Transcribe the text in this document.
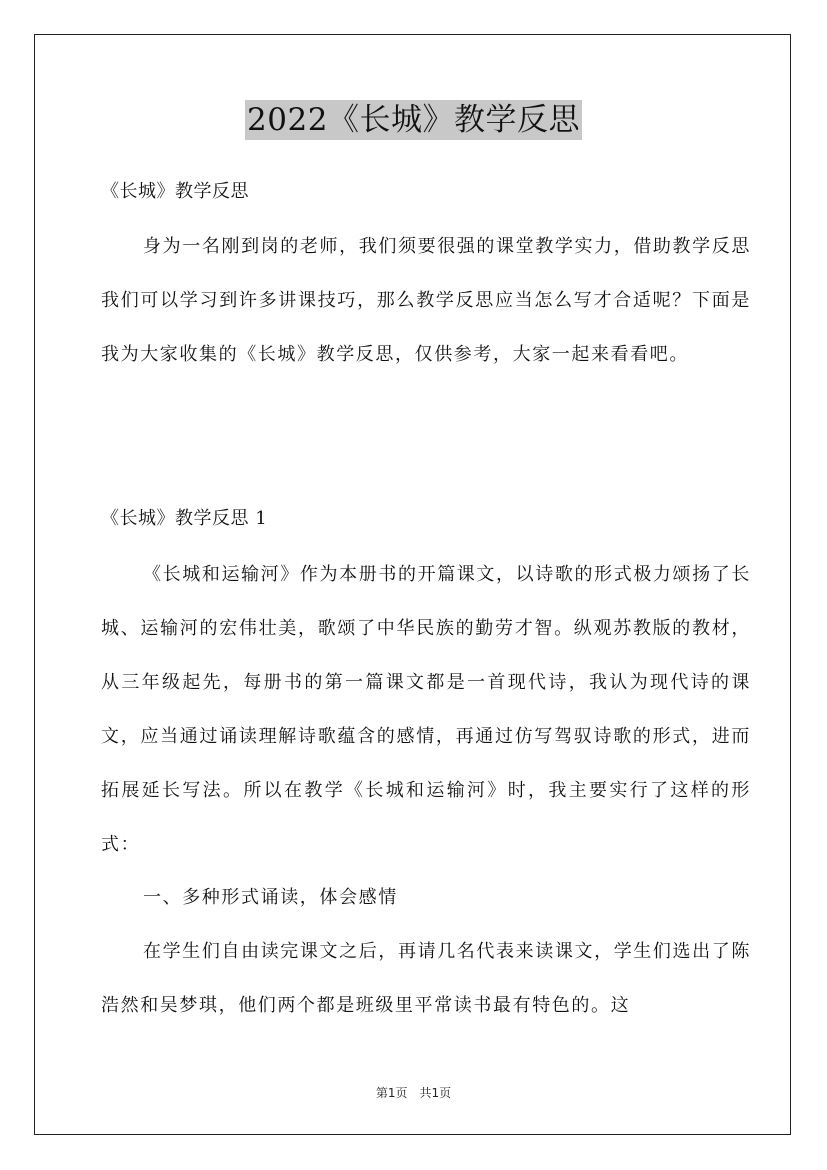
2022《长城》教学反思

《长城》教学反思

身为一名刚到岗的老师，我们须要很强的课堂教学实力，借助教学反思我们可以学习到许多讲课技巧，那么教学反思应当怎么写才合适呢？下面是我为大家收集的《长城》教学反思，仅供参考，大家一起来看看吧。

《长城》教学反思 1

《长城和运输河》作为本册书的开篇课文，以诗歌的形式极力颂扬了长城、运输河的宏伟壮美，歌颂了中华民族的勤劳才智。纵观苏教版的教材，从三年级起先，每册书的第一篇课文都是一首现代诗，我认为现代诗的课文，应当通过诵读理解诗歌蕴含的感情，再通过仿写驾驭诗歌的形式，进而拓展延长写法。所以在教学《长城和运输河》时，我主要实行了这样的形式：

一、多种形式诵读，体会感情

在学生们自由读完课文之后，再请几名代表来读课文，学生们选出了陈浩然和吴梦琪，他们两个都是班级里平常读书最有特色的。这

第1页 共1页
